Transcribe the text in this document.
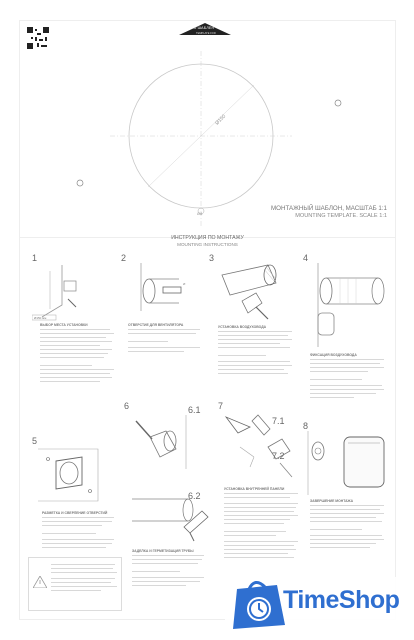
ЗЕРО ШАБЛЕН
TEMPLATE FOR
Ø150
Ø8
МОНТАЖНЫЙ ШАБЛОН, МАСШТАБ 1:1
MOUNTING TEMPLATE. SCALE 1:1
ИНСТРУКЦИЯ ПО МОНТАЖУ
MOUNTING INSTRUCTIONS
1
Ø150 мм
ВЫБОР МЕСТА УСТАНОВКИ
2
Ø
ОТВЕРСТИЕ ДЛЯ ВЕНТИЛЯТОРА
3
УСТАНОВКА ВОЗДУХОВОДА
4
ФИКСАЦИЯ ВОЗДУХОВОДА
5
РАЗМЕТКА И СВЕРЛЕНИЕ ОТВЕРСТИЙ
6	6.1
6.2
ЗАДЕЛКА И ГЕРМЕТИЗАЦИЯ ТРУБЫ
7
7.1
7.2
УСТАНОВКА ВНУТРЕННЕЙ ПАНЕЛИ
8
ЗАВЕРШЕНИЕ МОНТАЖА
TimeShop
